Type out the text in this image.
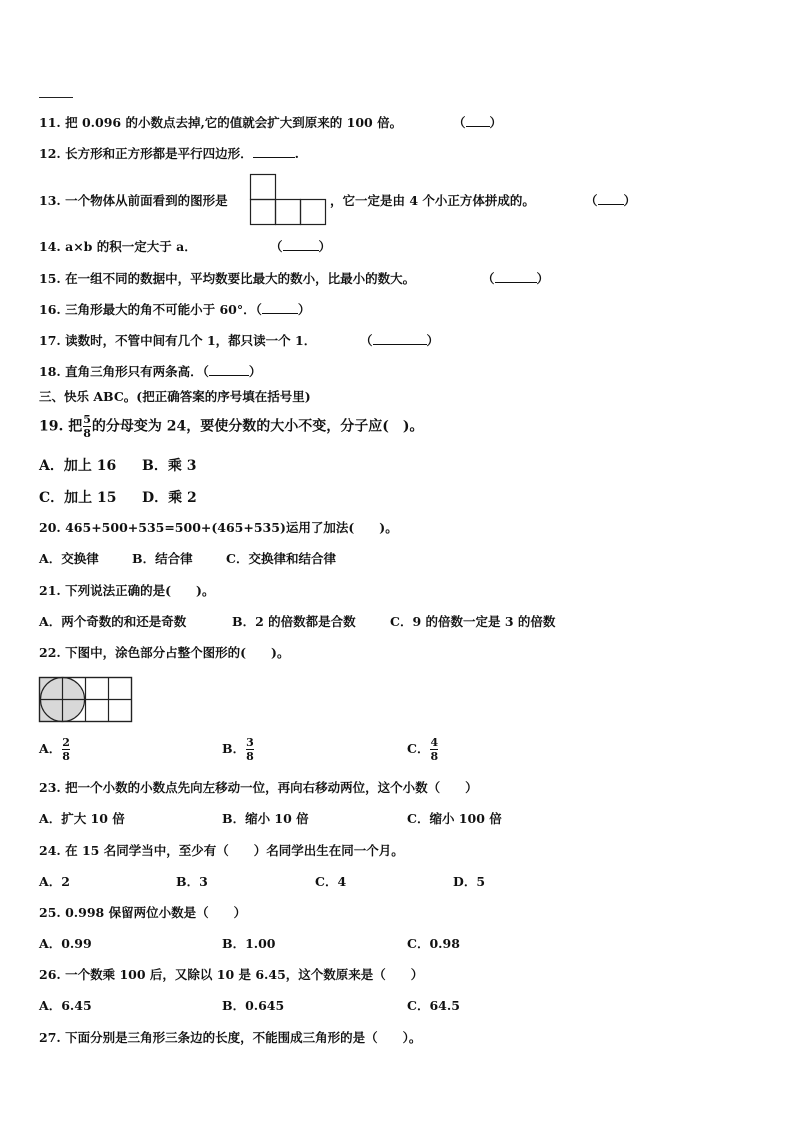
11. 把 0.096 的小数点去掉,它的值就会扩大到原来的 100 倍。	（ ）
12. 长方形和正方形都是平行四边形．	.
13. 一个物体从前面看到的图形是	，它一定是由 4 个小正方体拼成的。	（ ）
14. a×b 的积一定大于 a．	（	）
15. 在一组不同的数据中，平均数要比最大的数小，比最小的数大。	（	）
16. 三角形最大的角不可能小于 60°．（	）
17. 读数时，不管中间有几个 1，都只读一个 1．	（	）
18. 直角三角形只有两条高．（	）
三、快乐 ABC。(把正确答案的序号填在括号里)
19. 把 $\frac{5}{8}$ 的分母变为 24，要使分数的大小不变，分子应(　)。
A．加上 16 B．乘 3
C．加上 15 D．乘 2
20. 465+500+535=500+(465+535)运用了加法(　　)。
A．交换律	B．结合律	C．交换律和结合律
21. 下列说法正确的是(　　)。
A．两个奇数的和还是奇数	B．2 的倍数都是合数	C．9 的倍数一定是 3 的倍数
22. 下图中，涂色部分占整个图形的(　　)。
A． $\frac{2}{8}$	B． $\frac{3}{8}$	C． $\frac{4}{8}$
23. 把一个小数的小数点先向左移动一位，再向右移动两位，这个小数（　　）
A．扩大 10 倍	B．缩小 10 倍	C．缩小 100 倍
24. 在 15 名同学当中，至少有（　　）名同学出生在同一个月。
A．2	B．3	C．4	D．5
25. 0.998 保留两位小数是（　　）
A．0.99	B．1.00	C．0.98
26. 一个数乘 100 后，又除以 10 是 6.45，这个数原来是（　　）
A．6.45	B．0.645	C．64.5
27. 下面分别是三角形三条边的长度，不能围成三角形的是（　　）。
